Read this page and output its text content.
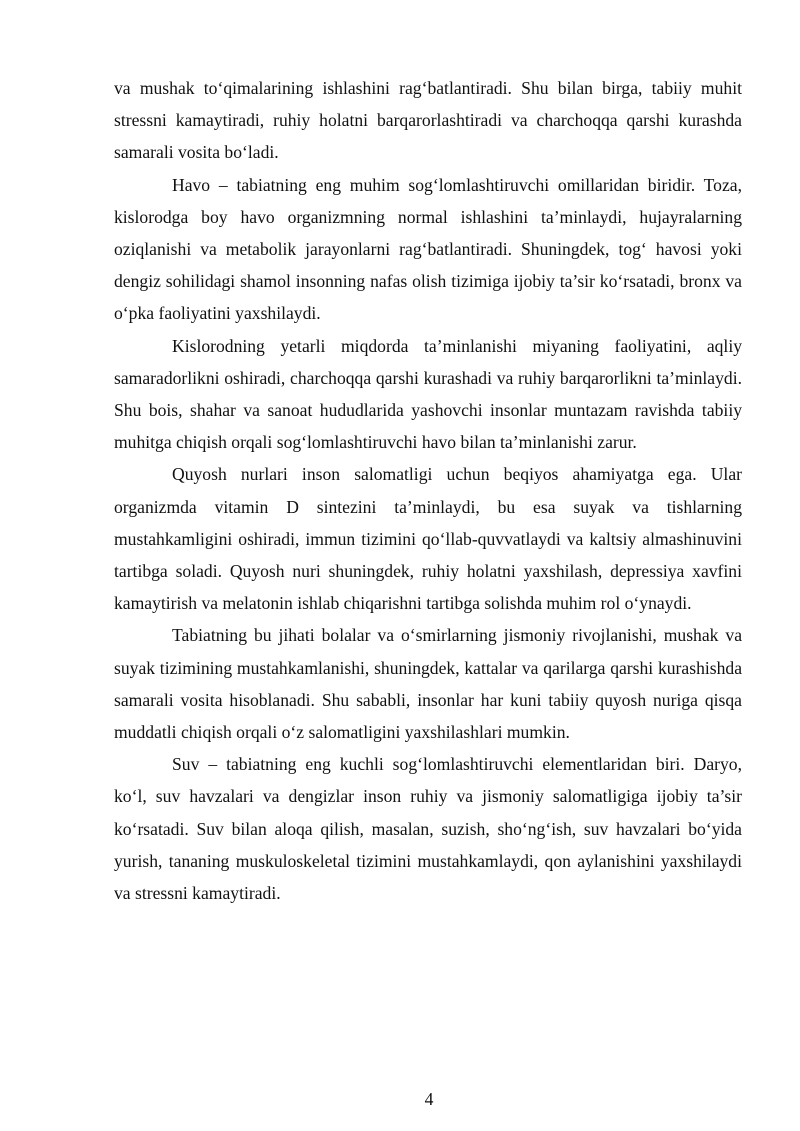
va mushak to‘qimalarining ishlashini rag‘batlantiradi. Shu bilan birga, tabiiy muhit stressni kamaytiradi, ruhiy holatni barqarorlashtiradi va charchoqqa qarshi kurashda samarali vosita bo‘ladi.

Havo – tabiatning eng muhim sog‘lomlashtiruvchi omillaridan biridir. Toza, kislorodga boy havo organizmning normal ishlashini ta’minlaydi, hujayralarning oziqlanishi va metabolik jarayonlarni rag‘batlantiradi. Shuningdek, tog‘ havosi yoki dengiz sohilidagi shamol insonning nafas olish tizimiga ijobiy ta’sir ko‘rsatadi, bronx va o‘pka faoliyatini yaxshilaydi.

Kislorodning yetarli miqdorda ta’minlanishi miyaning faoliyatini, aqliy samaradorlikni oshiradi, charchoqqa qarshi kurashadi va ruhiy barqarorlikni ta’minlaydi. Shu bois, shahar va sanoat hududlarida yashovchi insonlar muntazam ravishda tabiiy muhitga chiqish orqali sog‘lomlashtiruvchi havo bilan ta’minlanishi zarur.

Quyosh nurlari inson salomatligi uchun beqiyos ahamiyatga ega. Ular organizmda vitamin D sintezini ta’minlaydi, bu esa suyak va tishlarning mustahkamligini oshiradi, immun tizimini qo‘llab-quvvatlaydi va kaltsiy almashinuvini tartibga soladi. Quyosh nuri shuningdek, ruhiy holatni yaxshilash, depressiya xavfini kamaytirish va melatonin ishlab chiqarishni tartibga solishda muhim rol o‘ynaydi.

Tabiatning bu jihati bolalar va o‘smirlarning jismoniy rivojlanishi, mushak va suyak tizimining mustahkamlanishi, shuningdek, kattalar va qarilarga qarshi kurashishda samarali vosita hisoblanadi. Shu sababli, insonlar har kuni tabiiy quyosh nuriga qisqa muddatli chiqish orqali o‘z salomatligini yaxshilashlari mumkin.

Suv – tabiatning eng kuchli sog‘lomlashtiruvchi elementlaridan biri. Daryo, ko‘l, suv havzalari va dengizlar inson ruhiy va jismoniy salomatligiga ijobiy ta’sir ko‘rsatadi. Suv bilan aloqa qilish, masalan, suzish, sho‘ng‘ish, suv havzalari bo‘yida yurish, tananing muskuloskeletal tizimini mustahkamlaydi, qon aylanishini yaxshilaydi va stressni kamaytiradi.

4
